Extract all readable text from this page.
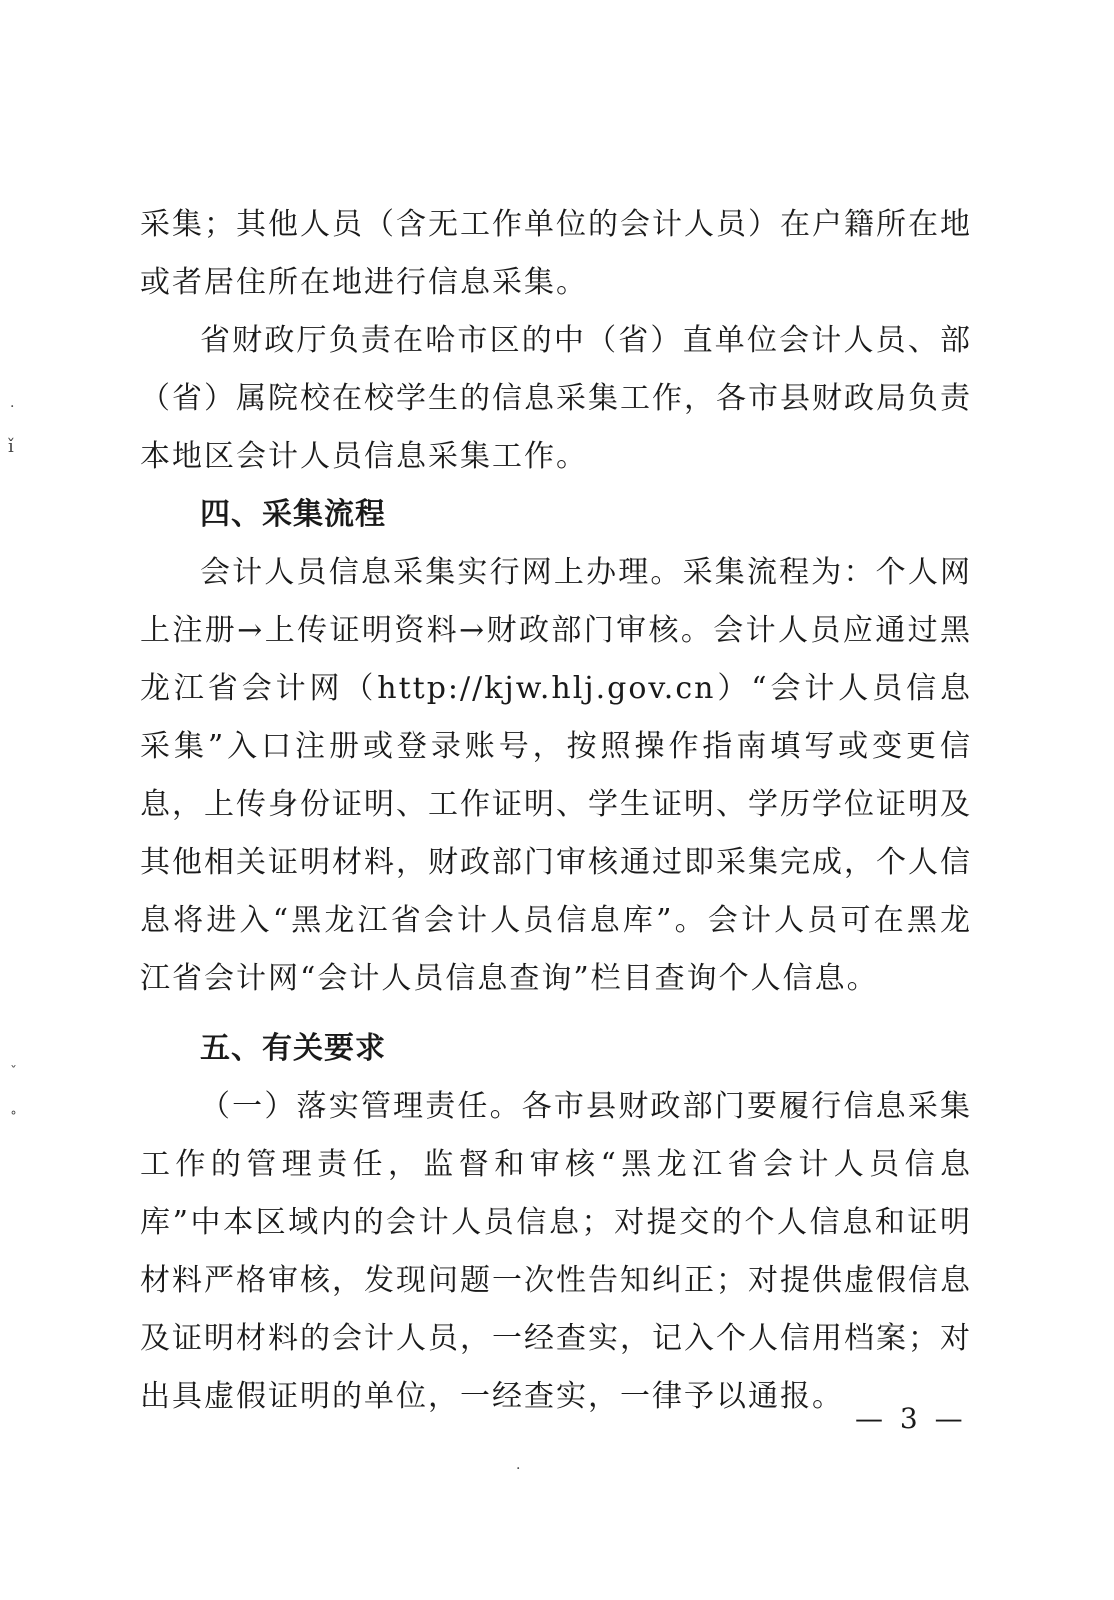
采集；其他人员（含无工作单位的会计人员）在户籍所在地或者居住所在地进行信息采集。

省财政厅负责在哈市区的中（省）直单位会计人员、部（省）属院校在校学生的信息采集工作，各市县财政局负责本地区会计人员信息采集工作。

四、采集流程

会计人员信息采集实行网上办理。采集流程为：个人网上注册→上传证明资料→财政部门审核。会计人员应通过黑龙江省会计网（http://kjw.hlj.gov.cn）“会计人员信息采集”入口注册或登录账号，按照操作指南填写或变更信息，上传身份证明、工作证明、学生证明、学历学位证明及其他相关证明材料，财政部门审核通过即采集完成，个人信息将进入“黑龙江省会计人员信息库”。会计人员可在黑龙江省会计网“会计人员信息查询”栏目查询个人信息。

五、有关要求

（一）落实管理责任。各市县财政部门要履行信息采集工作的管理责任，监督和审核“黑龙江省会计人员信息库”中本区域内的会计人员信息；对提交的个人信息和证明材料严格审核，发现问题一次性告知纠正；对提供虚假信息及证明材料的会计人员，一经查实，记入个人信用档案；对出具虚假证明的单位，一经查实，一律予以通报。

— 3 —
·
ǐ
ˇ
˚
·
